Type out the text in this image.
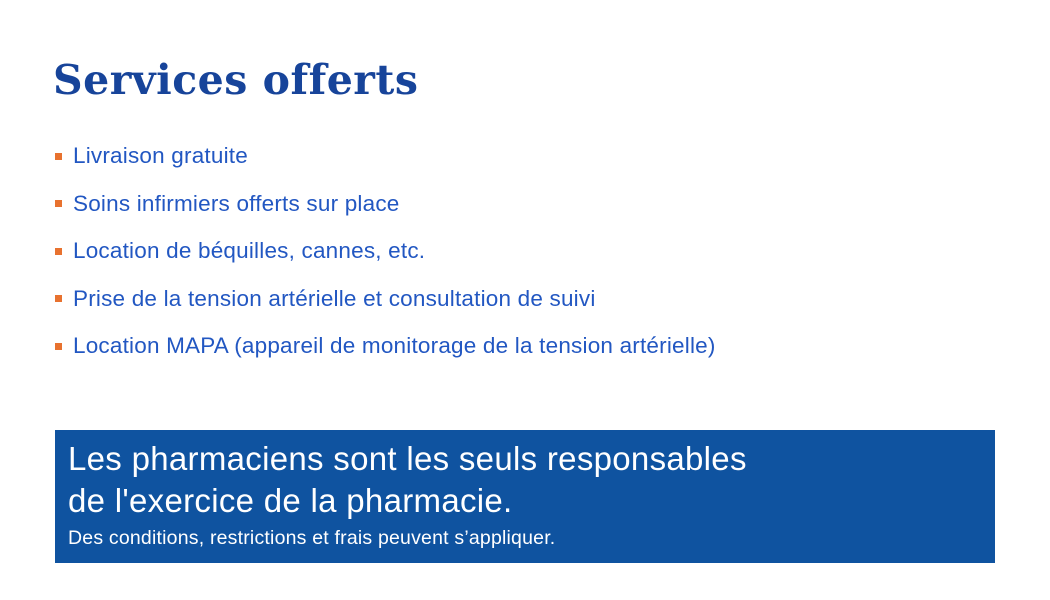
Services offerts
Livraison gratuite
Soins infirmiers offerts sur place
Location de béquilles, cannes, etc.
Prise de la tension artérielle et consultation de suivi
Location MAPA (appareil de monitorage de la tension artérielle)
Les pharmaciens sont les seuls responsables
de l'exercice de la pharmacie.
Des conditions, restrictions et frais peuvent s’appliquer.
